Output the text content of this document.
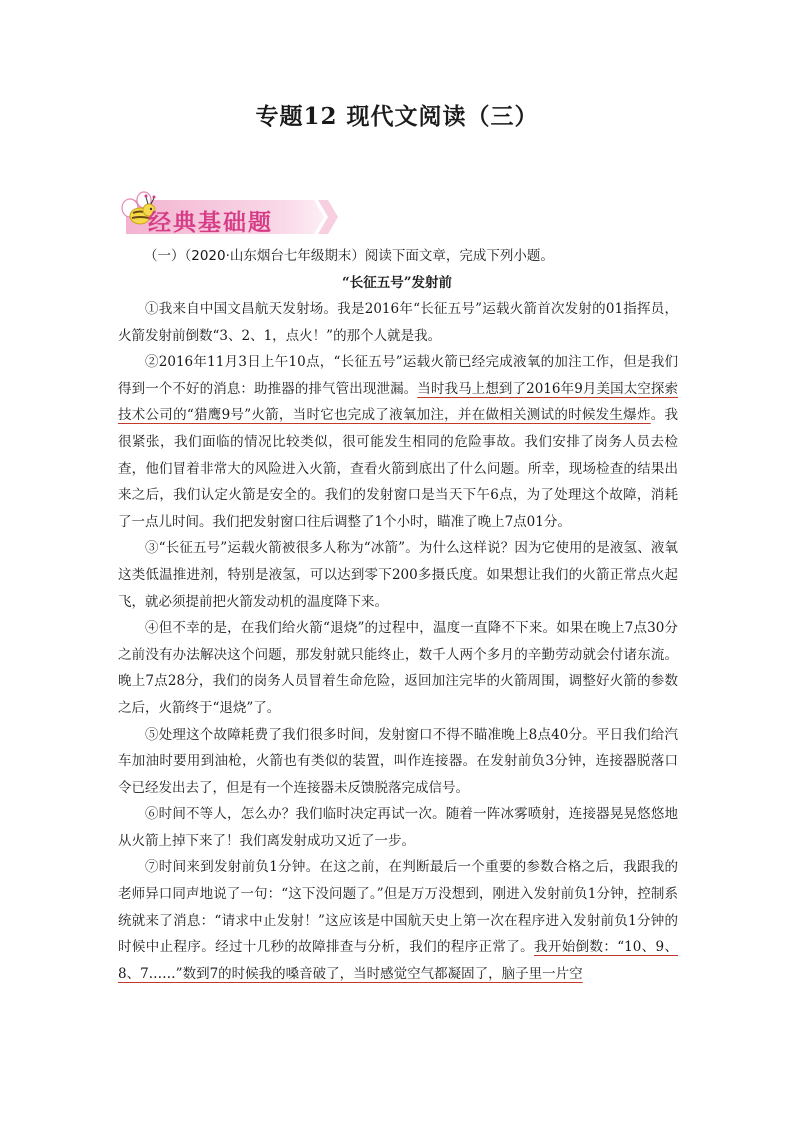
专题12 现代文阅读（三）
经典基础题
（一）（2020·山东烟台七年级期末）阅读下面文章，完成下列小题。
“长征五号”发射前

①我来自中国文昌航天发射场。我是2016年“长征五号”运载火箭首次发射的01指挥员，火箭发射前倒数“3、2、1，点火！”的那个人就是我。

②2016年11月3日上午10点，“长征五号”运载火箭已经完成液氧的加注工作，但是我们得到一个不好的消息：助推器的排气管出现泄漏。当时我马上想到了2016年9月美国太空探索技术公司的“猎鹰9号”火箭，当时它也完成了液氧加注，并在做相关测试的时候发生爆炸。我很紧张，我们面临的情况比较类似，很可能发生相同的危险事故。我们安排了岗务人员去检查，他们冒着非常大的风险进入火箭，查看火箭到底出了什么问题。所幸，现场检查的结果出来之后，我们认定火箭是安全的。我们的发射窗口是当天下午6点，为了处理这个故障，消耗了一点儿时间。我们把发射窗口往后调整了1个小时，瞄准了晚上7点01分。

③“长征五号”运载火箭被很多人称为“冰箭”。为什么这样说？因为它使用的是液氢、液氧这类低温推进剂，特别是液氢，可以达到零下200多摄氏度。如果想让我们的火箭正常点火起飞，就必须提前把火箭发动机的温度降下来。

④但不幸的是，在我们给火箭“退烧”的过程中，温度一直降不下来。如果在晚上7点30分之前没有办法解决这个问题，那发射就只能终止，数千人两个多月的辛勤劳动就会付诸东流。晚上7点28分，我们的岗务人员冒着生命危险，返回加注完毕的火箭周围，调整好火箭的参数之后，火箭终于“退烧”了。

⑤处理这个故障耗费了我们很多时间，发射窗口不得不瞄准晚上8点40分。平日我们给汽车加油时要用到油枪，火箭也有类似的装置，叫作连接器。在发射前负3分钟，连接器脱落口令已经发出去了，但是有一个连接器未反馈脱落完成信号。

⑥时间不等人，怎么办？我们临时决定再试一次。随着一阵冰雾喷射，连接器晃晃悠悠地从火箭上掉下来了！我们离发射成功又近了一步。

⑦时间来到发射前负1分钟。在这之前，在判断最后一个重要的参数合格之后，我跟我的老师异口同声地说了一句：“这下没问题了。”但是万万没想到，刚进入发射前负1分钟，控制系统就来了消息：“请求中止发射！”这应该是中国航天史上第一次在程序进入发射前负1分钟的时候中止程序。经过十几秒的故障排查与分析，我们的程序正常了。我开始倒数：“10、9、8、7……”数到7的时候我的嗓音破了，当时感觉空气都凝固了，脑子里一片空
